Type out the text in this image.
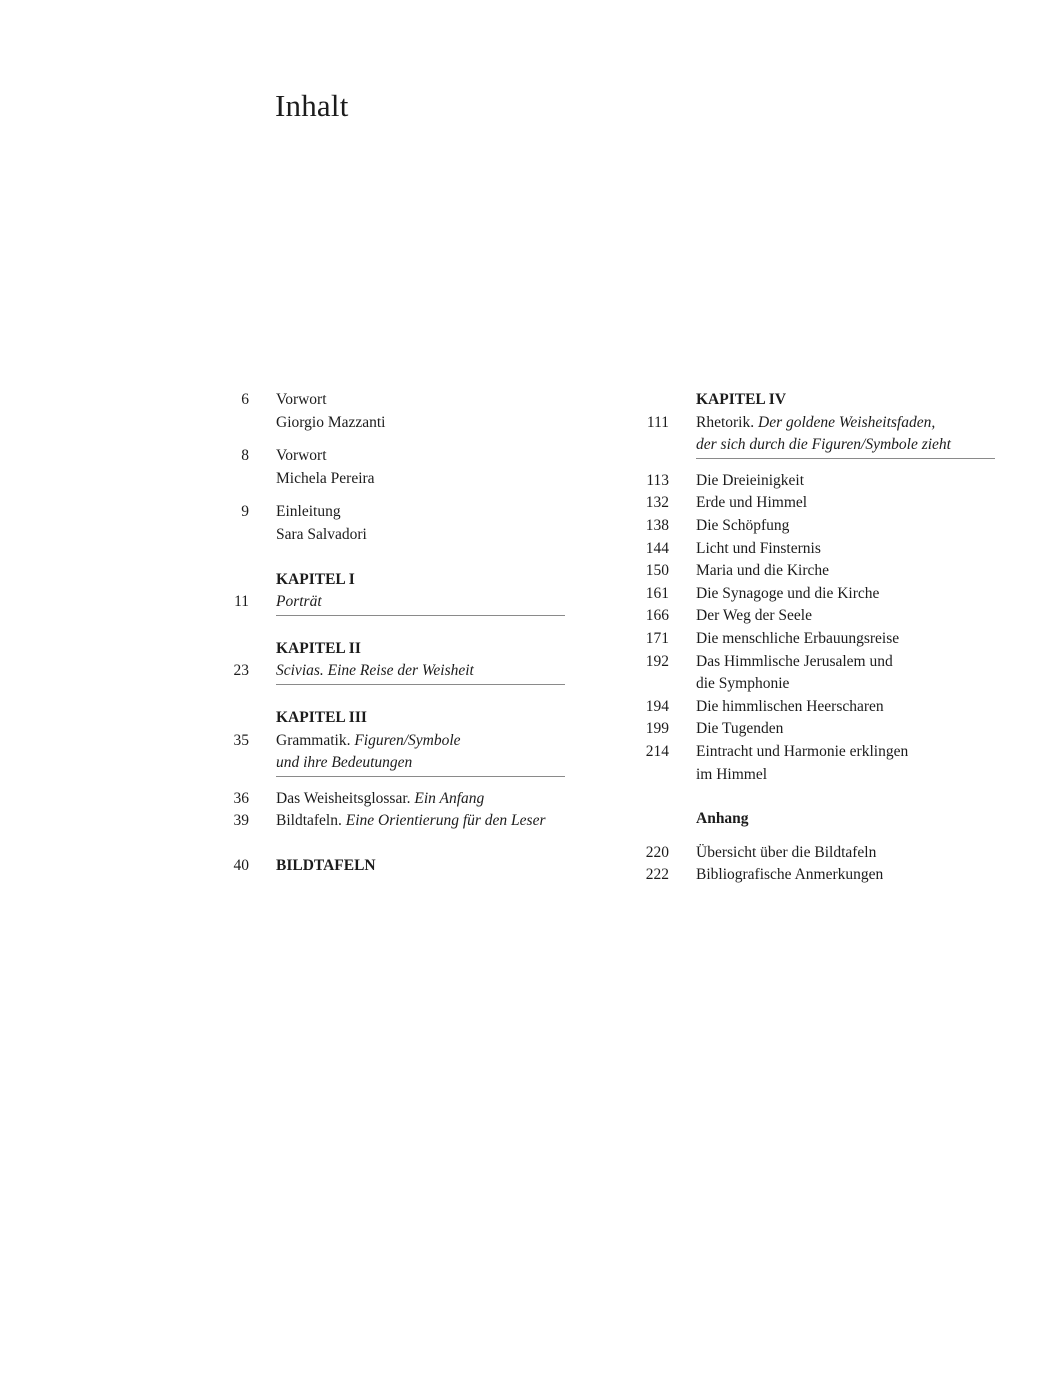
Inhalt
6 Vorwort
Giorgio Mazzanti
8 Vorwort
Michela Pereira
9 Einleitung
Sara Salvadori
KAPITEL I
11 Porträt
KAPITEL II
23 Scivias. Eine Reise der Weisheit
KAPITEL III
35 Grammatik. Figuren/Symbole
und ihre Bedeutungen
36 Das Weisheitsglossar. Ein Anfang
39 Bildtafeln. Eine Orientierung für den Leser
40 BILDTAFELN
KAPITEL IV
111 Rhetorik. Der goldene Weisheitsfaden,
der sich durch die Figuren/Symbole zieht
113 Die Dreieinigkeit
132 Erde und Himmel
138 Die Schöpfung
144 Licht und Finsternis
150 Maria und die Kirche
161 Die Synagoge und die Kirche
166 Der Weg der Seele
171 Die menschliche Erbauungsreise
192 Das Himmlische Jerusalem und
die Symphonie
194 Die himmlischen Heerscharen
199 Die Tugenden
214 Eintracht und Harmonie erklingen
im Himmel
Anhang
220 Übersicht über die Bildtafeln
222 Bibliografische Anmerkungen
